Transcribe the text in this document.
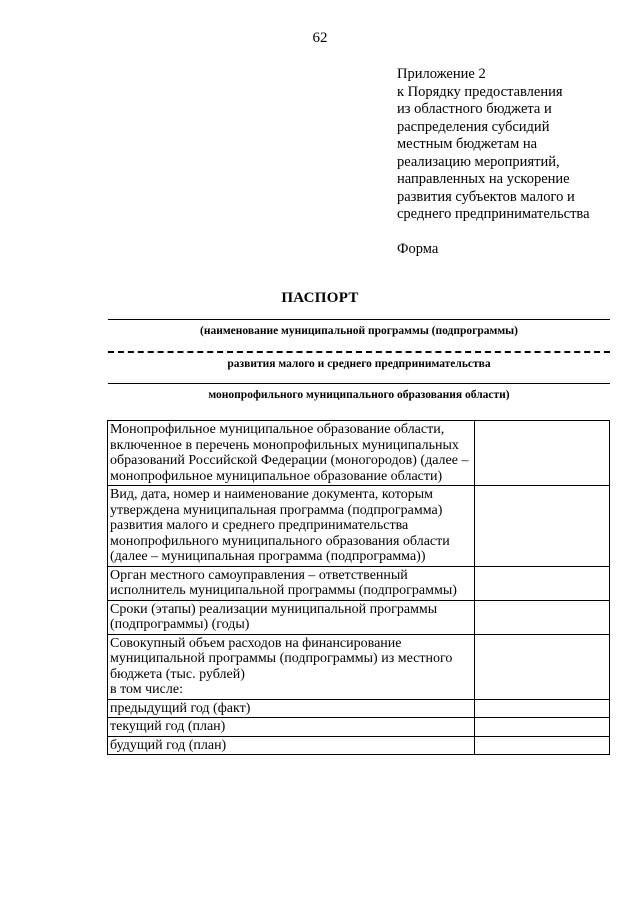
62
Приложение 2
к Порядку предоставления
из областного бюджета и
распределения субсидий
местным бюджетам на
реализацию мероприятий,
направленных на ускорение
развития субъектов малого и
среднего предпринимательства
Форма
ПАСПОРТ
(наименование муниципальной программы (подпрограммы)
развития малого и среднего предпринимательства
монопрофильного муниципального образования области)
Монопрофильное муниципальное образование области, включенное в перечень монопрофильных муниципальных образований Российской Федерации (моногородов) (далее – монопрофильное муниципальное образование области)	
Вид, дата, номер и наименование документа, которым утверждена муниципальная программа (подпрограмма) развития малого и среднего предпринимательства монопрофильного муниципального образования области (далее – муниципальная программа (подпрограмма))	
Орган местного самоуправления – ответственный исполнитель муниципальной программы (подпрограммы)	
Сроки (этапы) реализации муниципальной программы (подпрограммы) (годы)	
Совокупный объем расходов на финансирование муниципальной программы (подпрограммы) из местного бюджета (тыс. рублей)
в том числе:	
предыдущий год (факт)	
текущий год (план)	
будущий год (план)	
